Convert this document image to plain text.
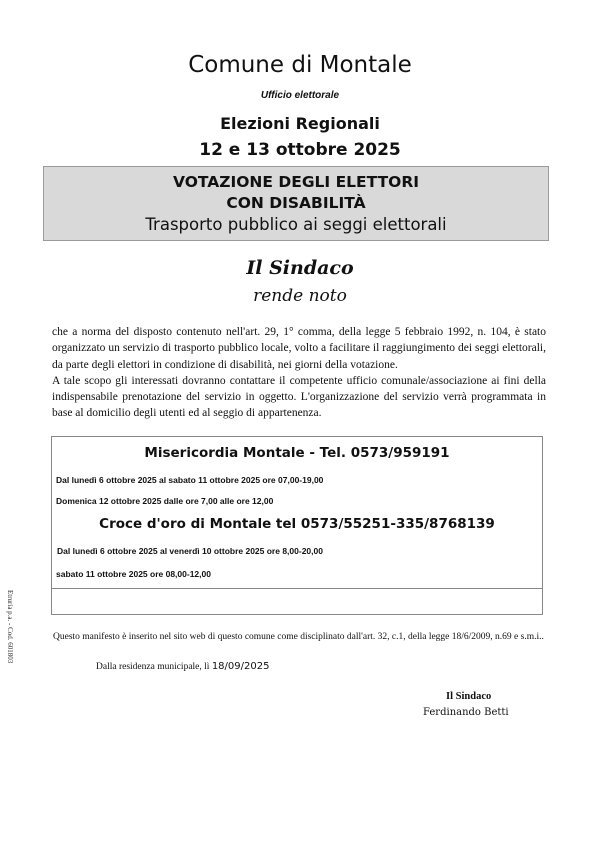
Comune di Montale
Ufficio elettorale
Elezioni Regionali
12 e 13 ottobre 2025
VOTAZIONE DEGLI ELETTORI
CON DISABILITÀ
Trasporto pubblico ai seggi elettorali
Il Sindaco
rende noto

che a norma del disposto contenuto nell'art. 29, 1° comma, della legge 5 febbraio 1992, n. 104, è stato organizzato un servizio di trasporto pubblico locale, volto a facilitare il raggiungimento dei seggi elettorali, da parte degli elettori in condizione di disabilità, nei giorni della votazione.

A tale scopo gli interessati dovranno contattare il competente ufficio comunale/associazione ai fini della indispensabile prenotazione del servizio in oggetto. L'organizzazione del servizio verrà programmata in base al domicilio degli utenti ed al seggio di appartenenza.

Misericordia Montale - Tel. 0573/959191
Dal lunedì 6 ottobre 2025 al sabato 11 ottobre 2025 ore 07,00-19,00
Domenica 12 ottobre 2025 dalle ore 7,00 alle ore 12,00
Croce d'oro di Montale tel 0573/55251-335/8768139
Dal lunedì 6 ottobre 2025 al venerdì 10 ottobre 2025 ore 8,00-20,00
sabato 11 ottobre 2025 ore 08,00-12,00
Etruria p.a. - Cod. 601803	Questo manifesto è inserito nel sito web di questo comune come disciplinato dall'art. 32, c.1, della legge 18/6/2009, n.69 e s.m.i..
Dalla residenza municipale, lì 18/09/2025
Il Sindaco
Ferdinando Betti
